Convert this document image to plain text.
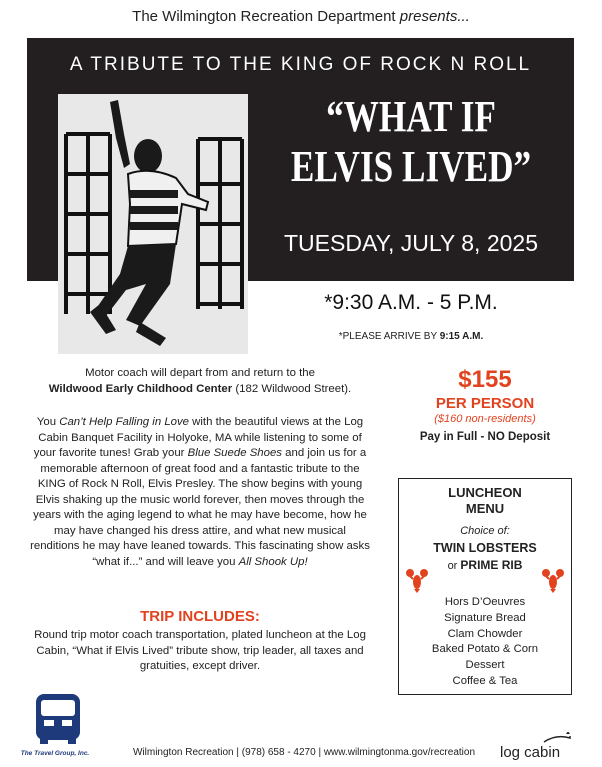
The Wilmington Recreation Department presents...
A TRIBUTE TO THE KING OF ROCK N ROLL
“WHAT IF
ELVIS LIVED”
TUESDAY, JULY 8, 2025
*9:30 A.M. - 5 P.M.
*PLEASE ARRIVE BY 9:15 A.M.
Motor coach will depart from and return to the
Wildwood Early Childhood Center (182 Wildwood Street).
You Can’t Help Falling in Love with the beautiful views at the Log Cabin Banquet Facility in Holyoke, MA while listening to some of your favorite tunes! Grab your Blue Suede Shoes and join us for a memorable afternoon of great food and a fantastic tribute to the KING of Rock N Roll, Elvis Presley. The show begins with young Elvis shaking up the music world forever, then moves through the years with the aging legend to what he may have become, how he may have changed his dress attire, and what new musical renditions he may have leaned towards. This fascinating show asks “what if...” and will leave you All Shook Up!
TRIP INCLUDES:
Round trip motor coach transportation, plated luncheon at the Log Cabin, “What if Elvis Lived” tribute show, trip leader, all taxes and gratuities, except driver.
$155
PER PERSON
($160 non-residents)
Pay in Full - NO Deposit
LUNCHEON
MENU
Choice of:
TWIN LOBSTERS
or PRIME RIB
Hors D’Oeuvres
Signature Bread
Clam Chowder
Baked Potato & Corn
Dessert
Coffee & Tea
The Travel Group, Inc.	Wilmington Recreation | (978) 658 - 4270 | www.wilmingtonma.gov/recreation	log cabin
